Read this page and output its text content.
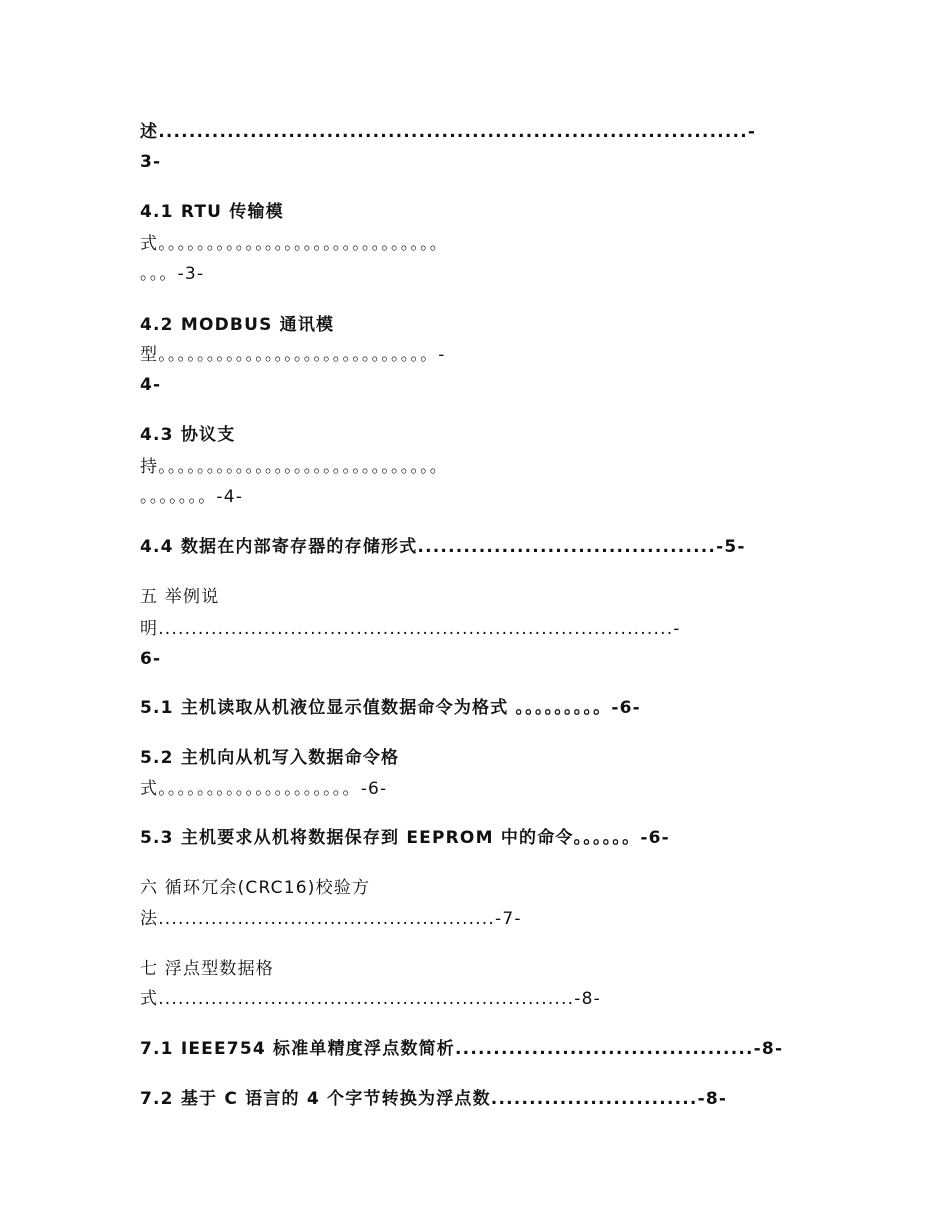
述.............................................................................-
3-
4.1 RTU 传输模
式。。。。。。。。。。。。。。。。。。。。。。。。。。。。。
。。。-3-
4.2 MODBUS 通讯模
型。。。。。。。。。。。。。。。。。。。。。。。。。。。。-
4-
4.3 协议支
持。。。。。。。。。。。。。。。。。。。。。。。。。。。。。
。。。。。。。-4-
4.4 数据在内部寄存器的存储形式.......................................-5-
五 举例说
明..............................................................................-
6-
5.1 主机读取从机液位显示值数据命令为格式 。。。。。。。。。-6-
5.2 主机向从机写入数据命令格
式。。。。。。。。。。。。。。。。。。。。-6-
5.3 主机要求从机将数据保存到 EEPROM 中的命令。。。。。。-6-
六 循环冗余(CRC16)校验方
法...................................................-7-
七 浮点型数据格
式...............................................................-8-
7.1 IEEE754 标准单精度浮点数简析.......................................-8-
7.2 基于 C 语言的 4 个字节转换为浮点数...........................-8-
